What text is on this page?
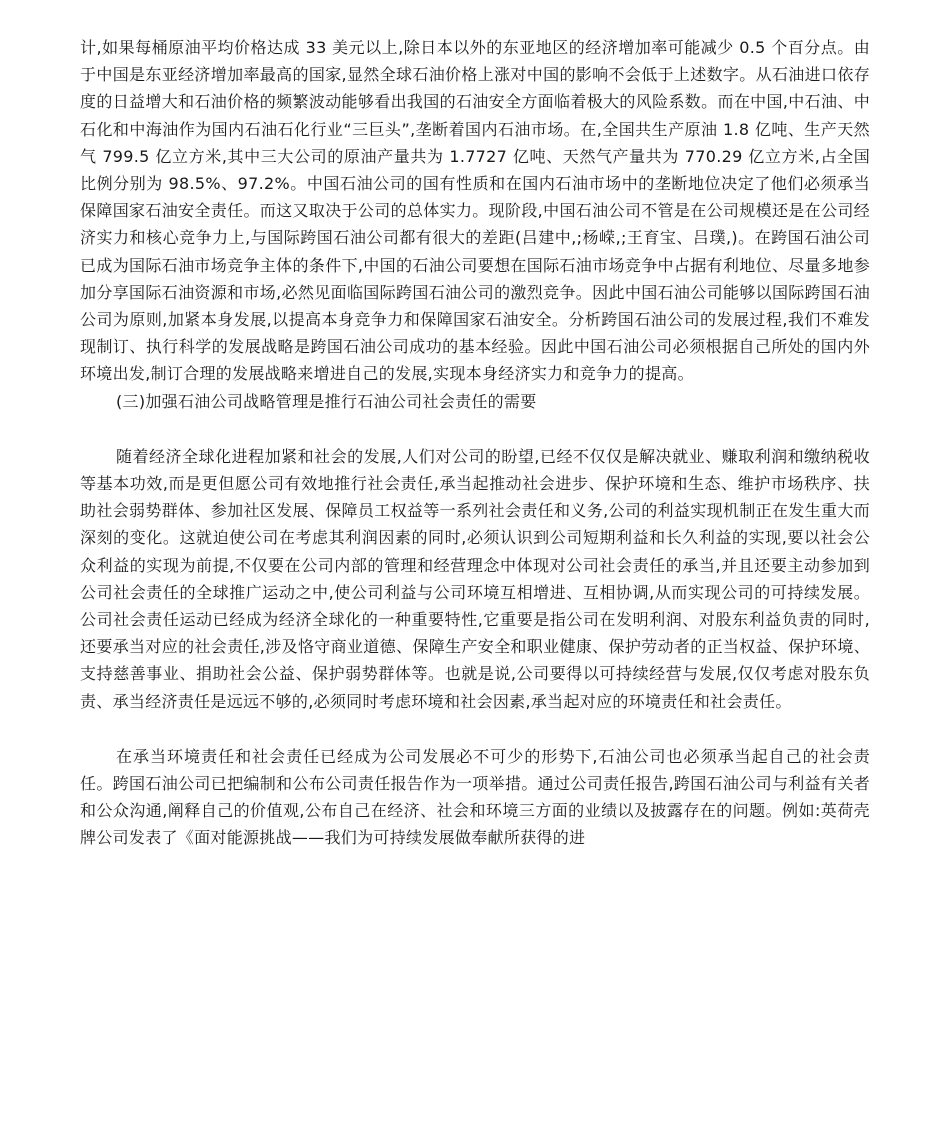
计,如果每桶原油平均价格达成 33 美元以上,除日本以外的东亚地区的经济增加率可能减少 0.5 个百分点。由于中国是东亚经济增加率最高的国家,显然全球石油价格上涨对中国的影响不会低于上述数字。从石油进口依存度的日益增大和石油价格的频繁波动能够看出我国的石油安全方面临着极大的风险系数。而在中国,中石油、中石化和中海油作为国内石油石化行业“三巨头”,垄断着国内石油市场。在,全国共生产原油 1.8 亿吨、生产天然气 799.5 亿立方米,其中三大公司的原油产量共为 1.7727 亿吨、天然气产量共为 770.29 亿立方米,占全国比例分别为 98.5%、97.2%。中国石油公司的国有性质和在国内石油市场中的垄断地位决定了他们必须承当保障国家石油安全责任。而这又取决于公司的总体实力。现阶段,中国石油公司不管是在公司规模还是在公司经济实力和核心竞争力上,与国际跨国石油公司都有很大的差距(吕建中,;杨嵘,;王育宝、吕璞,)。在跨国石油公司已成为国际石油市场竞争主体的条件下,中国的石油公司要想在国际石油市场竞争中占据有利地位、尽量多地参加分享国际石油资源和市场,必然见面临国际跨国石油公司的激烈竞争。因此中国石油公司能够以国际跨国石油公司为原则,加紧本身发展,以提高本身竞争力和保障国家石油安全。分析跨国石油公司的发展过程,我们不难发现制订、执行科学的发展战略是跨国石油公司成功的基本经验。因此中国石油公司必须根据自己所处的国内外环境出发,制订合理的发展战略来增进自己的发展,实现本身经济实力和竞争力的提高。

(三)加强石油公司战略管理是推行石油公司社会责任的需要

随着经济全球化进程加紧和社会的发展,人们对公司的盼望,已经不仅仅是解决就业、赚取利润和缴纳税收等基本功效,而是更但愿公司有效地推行社会责任,承当起推动社会进步、保护环境和生态、维护市场秩序、扶助社会弱势群体、参加社区发展、保障员工权益等一系列社会责任和义务,公司的利益实现机制正在发生重大而深刻的变化。这就迫使公司在考虑其利润因素的同时,必须认识到公司短期利益和长久利益的实现,要以社会公众利益的实现为前提,不仅要在公司内部的管理和经营理念中体现对公司社会责任的承当,并且还要主动参加到公司社会责任的全球推广运动之中,使公司利益与公司环境互相增进、互相协调,从而实现公司的可持续发展。公司社会责任运动已经成为经济全球化的一种重要特性,它重要是指公司在发明利润、对股东利益负责的同时,还要承当对应的社会责任,涉及恪守商业道德、保障生产安全和职业健康、保护劳动者的正当权益、保护环境、支持慈善事业、捐助社会公益、保护弱势群体等。也就是说,公司要得以可持续经营与发展,仅仅考虑对股东负责、承当经济责任是远远不够的,必须同时考虑环境和社会因素,承当起对应的环境责任和社会责任。

在承当环境责任和社会责任已经成为公司发展必不可少的形势下,石油公司也必须承当起自己的社会责任。跨国石油公司已把编制和公布公司责任报告作为一项举措。通过公司责任报告,跨国石油公司与利益有关者和公众沟通,阐释自己的价值观,公布自己在经济、社会和环境三方面的业绩以及披露存在的问题。例如:英荷壳牌公司发表了《面对能源挑战——我们为可持续发展做奉献所获得的进
